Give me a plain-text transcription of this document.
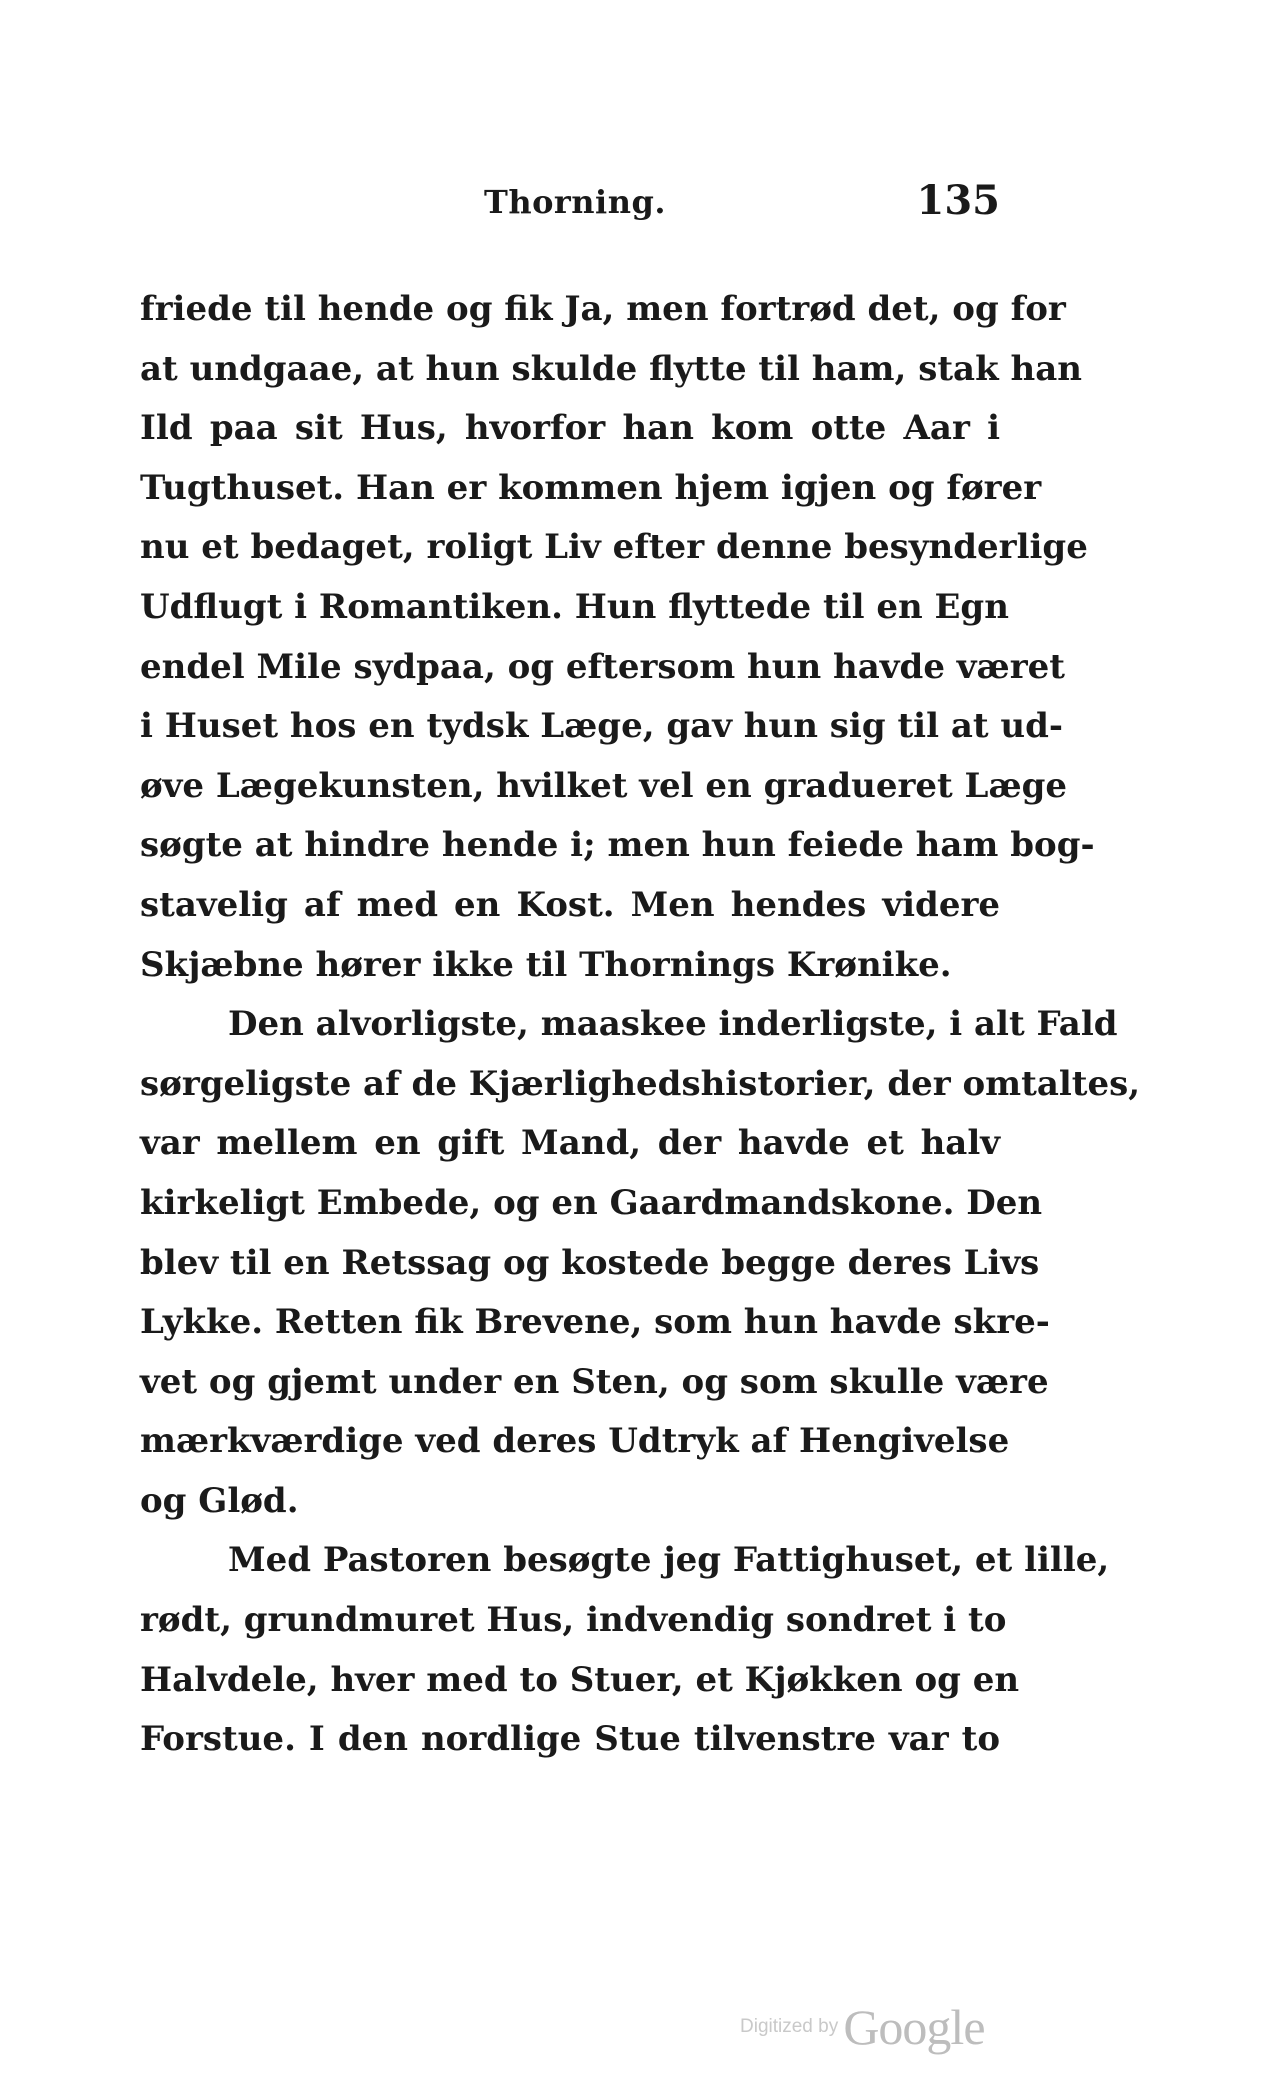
Thorning.	135
friede til hende og fik Ja, men fortrød det, og for
at undgaae, at hun skulde flytte til ham, stak han
Ild paa sit Hus, hvorfor han kom otte Aar i
Tugthuset. Han er kommen hjem igjen og fører
nu et bedaget, roligt Liv efter denne besynderlige
Udflugt i Romantiken. Hun flyttede til en Egn
endel Mile sydpaa, og eftersom hun havde været
i Huset hos en tydsk Læge, gav hun sig til at ud-
øve Lægekunsten, hvilket vel en gradueret Læge
søgte at hindre hende i; men hun feiede ham bog-
stavelig af med en Kost. Men hendes videre
Skjæbne hører ikke til Thornings Krønike.
Den alvorligste, maaskee inderligste, i alt Fald
sørgeligste af de Kjærlighedshistorier, der omtaltes,
var mellem en gift Mand, der havde et halv
kirkeligt Embede, og en Gaardmandskone. Den
blev til en Retssag og kostede begge deres Livs
Lykke. Retten fik Brevene, som hun havde skre-
vet og gjemt under en Sten, og som skulle være
mærkværdige ved deres Udtryk af Hengivelse
og Glød.
Med Pastoren besøgte jeg Fattighuset, et lille,
rødt, grundmuret Hus, indvendig sondret i to
Halvdele, hver med to Stuer, et Kjøkken og en
Forstue. I den nordlige Stue tilvenstre var to
Digitized by Google
